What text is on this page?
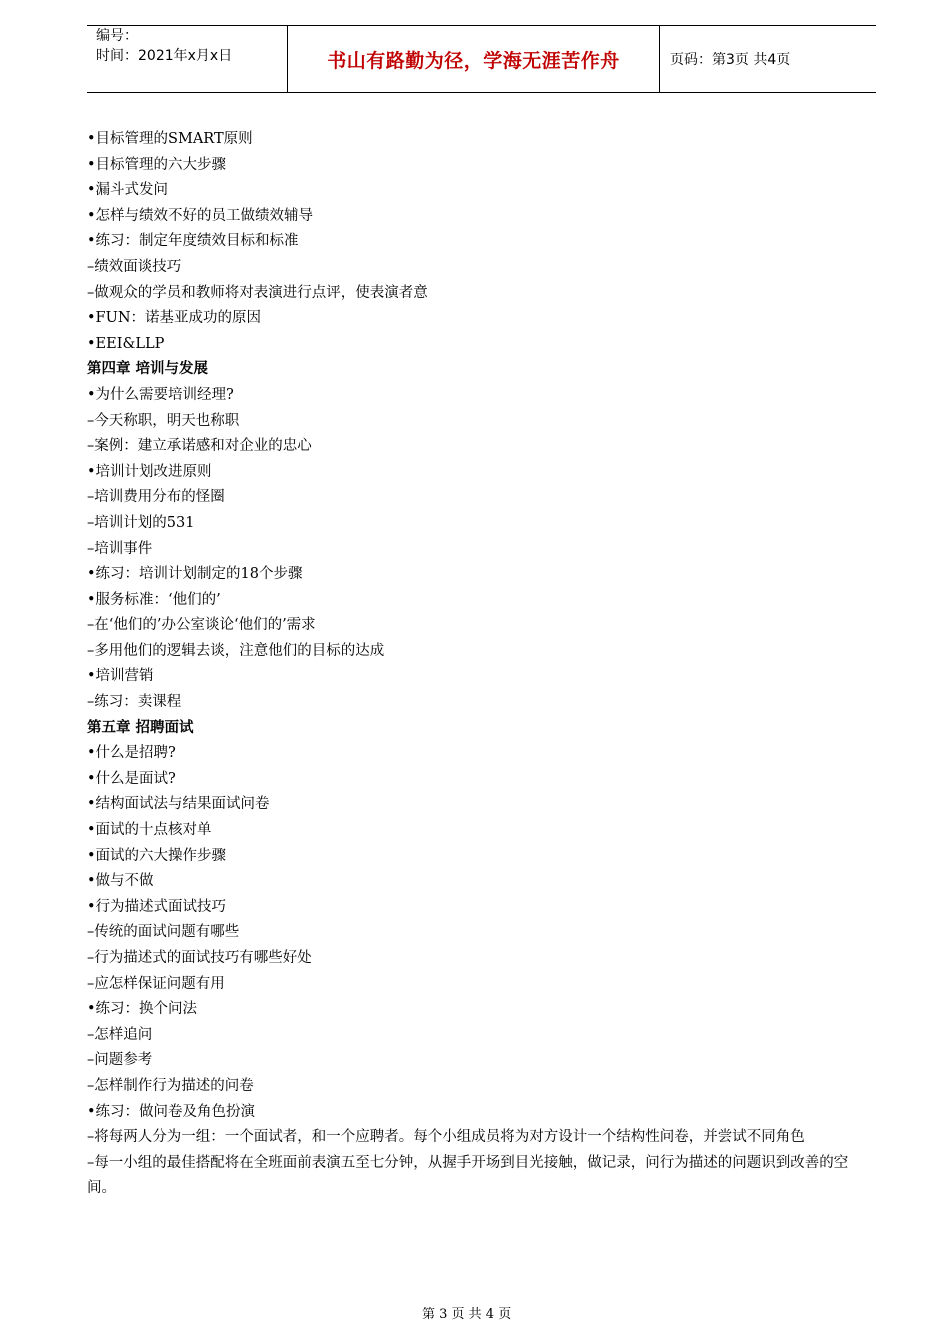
编号：
时间：2021年x月x日	书山有路勤为径，学海无涯苦作舟	页码：第3页 共4页
•目标管理的SMART原则
•目标管理的六大步骤
•漏斗式发问
•怎样与绩效不好的员工做绩效辅导
•练习：制定年度绩效目标和标准
–绩效面谈技巧
–做观众的学员和教师将对表演进行点评，使表演者意
•FUN：诺基亚成功的原因
•EEI&LLP
第四章 培训与发展
•为什么需要培训经理?
–今天称职，明天也称职
–案例：建立承诺感和对企业的忠心
•培训计划改进原则
–培训费用分布的怪圈
–培训计划的531
–培训事件
•练习：培训计划制定的18个步骤
•服务标准：‘他们的’
–在‘他们的’办公室谈论‘他们的’需求
–多用他们的逻辑去谈，注意他们的目标的达成
•培训营销
–练习：卖课程
第五章 招聘面试
•什么是招聘?
•什么是面试?
•结构面试法与结果面试问卷
•面试的十点核对单
•面试的六大操作步骤
•做与不做
•行为描述式面试技巧
–传统的面试问题有哪些
–行为描述式的面试技巧有哪些好处
–应怎样保证问题有用
•练习：换个问法
–怎样追问
–问题参考
–怎样制作行为描述的问卷
•练习：做问卷及角色扮演
–将每两人分为一组：一个面试者，和一个应聘者。每个小组成员将为对方设计一个结构性问卷，并尝试不同角色
–每一小组的最佳搭配将在全班面前表演五至七分钟，从握手开场到目光接触，做记录，问行为描述的问题识到改善的空间。
第 3 页 共 4 页
